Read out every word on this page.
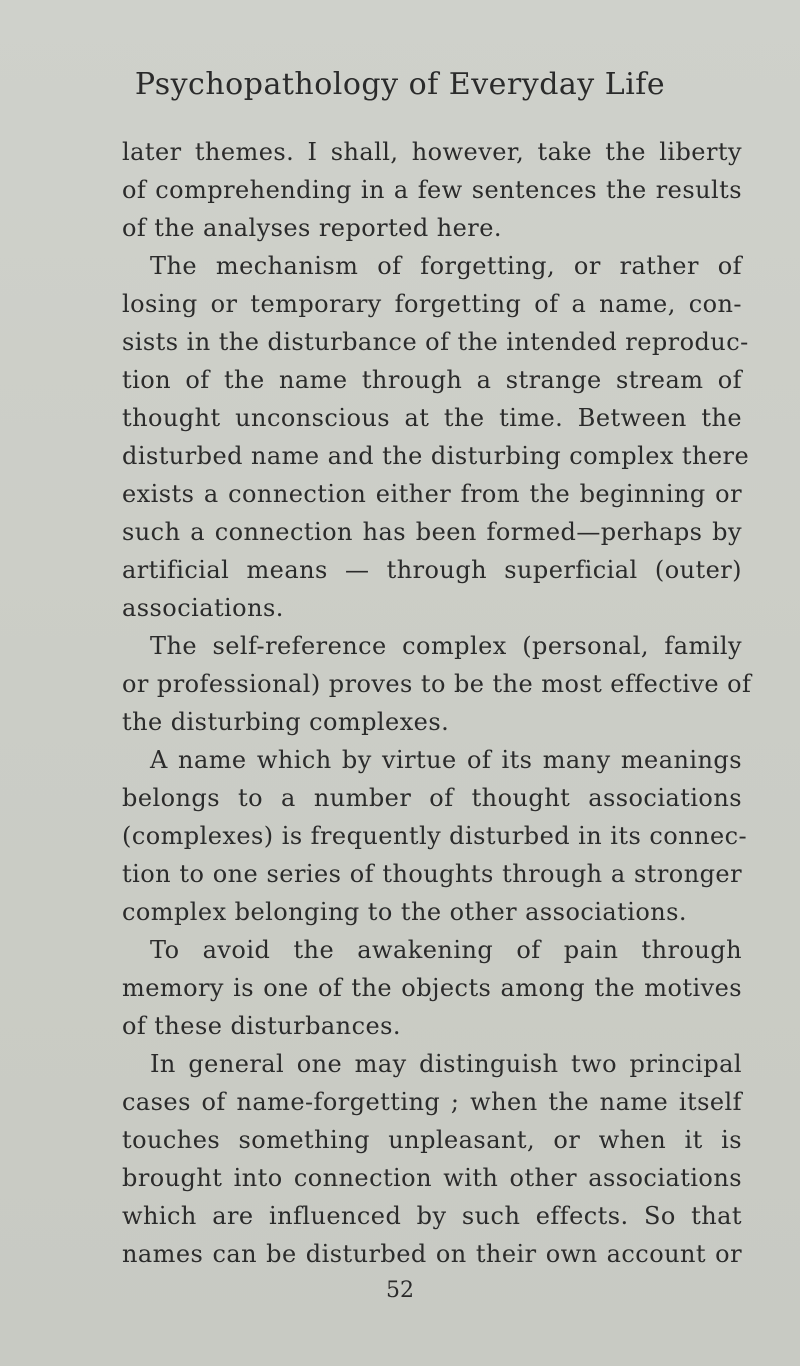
Psychopathology of Everyday Life
later themes. I shall, however, take the liberty
of comprehending in a few sentences the results
of the analyses reported here.
The mechanism of forgetting, or rather of
losing or temporary forgetting of a name, con-
sists in the disturbance of the intended reproduc-
tion of the name through a strange stream of
thought unconscious at the time. Between the
disturbed name and the disturbing complex there
exists a connection either from the beginning or
such a connection has been formed—perhaps by
artificial means — through superficial (outer)
associations.
The self-reference complex (personal, family
or professional) proves to be the most effective of
the disturbing complexes.
A name which by virtue of its many meanings
belongs to a number of thought associations
(complexes) is frequently disturbed in its connec-
tion to one series of thoughts through a stronger
complex belonging to the other associations.
To avoid the awakening of pain through
memory is one of the objects among the motives
of these disturbances.
In general one may distinguish two principal
cases of name-forgetting ; when the name itself
touches something unpleasant, or when it is
brought into connection with other associations
which are influenced by such effects. So that
names can be disturbed on their own account or
52
